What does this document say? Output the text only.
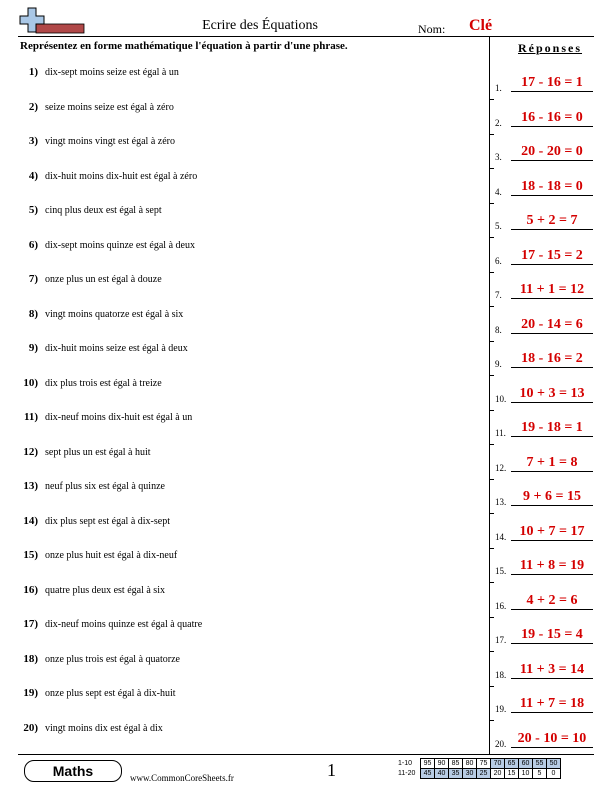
Ecrire des Équations	Nom: Clé
Représentez en forme mathématique l'équation à partir d'une phrase.	Réponses
1) dix-sept moins seize est égal à un
2) seize moins seize est égal à zéro
3) vingt moins vingt est égal à zéro
4) dix-huit moins dix-huit est égal à zéro
5) cinq plus deux est égal à sept
6) dix-sept moins quinze est égal à deux
7) onze plus un est égal à douze
8) vingt moins quatorze est égal à six
9) dix-huit moins seize est égal à deux
10) dix plus trois est égal à treize
11) dix-neuf moins dix-huit est égal à un
12) sept plus un est égal à huit
13) neuf plus six est égal à quinze
14) dix plus sept est égal à dix-sept
15) onze plus huit est égal à dix-neuf
16) quatre plus deux est égal à six
17) dix-neuf moins quinze est égal à quatre
18) onze plus trois est égal à quatorze
19) onze plus sept est égal à dix-huit
20) vingt moins dix est égal à dix
1.	17 - 16 = 1
2.	16 - 16 = 0
3.	20 - 20 = 0
4.	18 - 18 = 0
5.	5 + 2 = 7
6.	17 - 15 = 2
7.	11 + 1 = 12
8.	20 - 14 = 6
9.	18 - 16 = 2
10. 10 + 3 = 13
11.	19 - 18 = 1
12.	7 + 1 = 8
13.	9 + 6 = 15
14. 10 + 7 = 17
15. 11 + 8 = 19
16.	4 + 2 = 6
17.	19 - 15 = 4
18. 11 + 3 = 14
19. 11 + 7 = 18
20. 20 - 10 = 10
Maths	www.CommonCoreSheets.fr	1	1-10	95	90	85	80	75	70	65	60	55	50
11-20	45	40	35	30	25	20	15	10	5	0
